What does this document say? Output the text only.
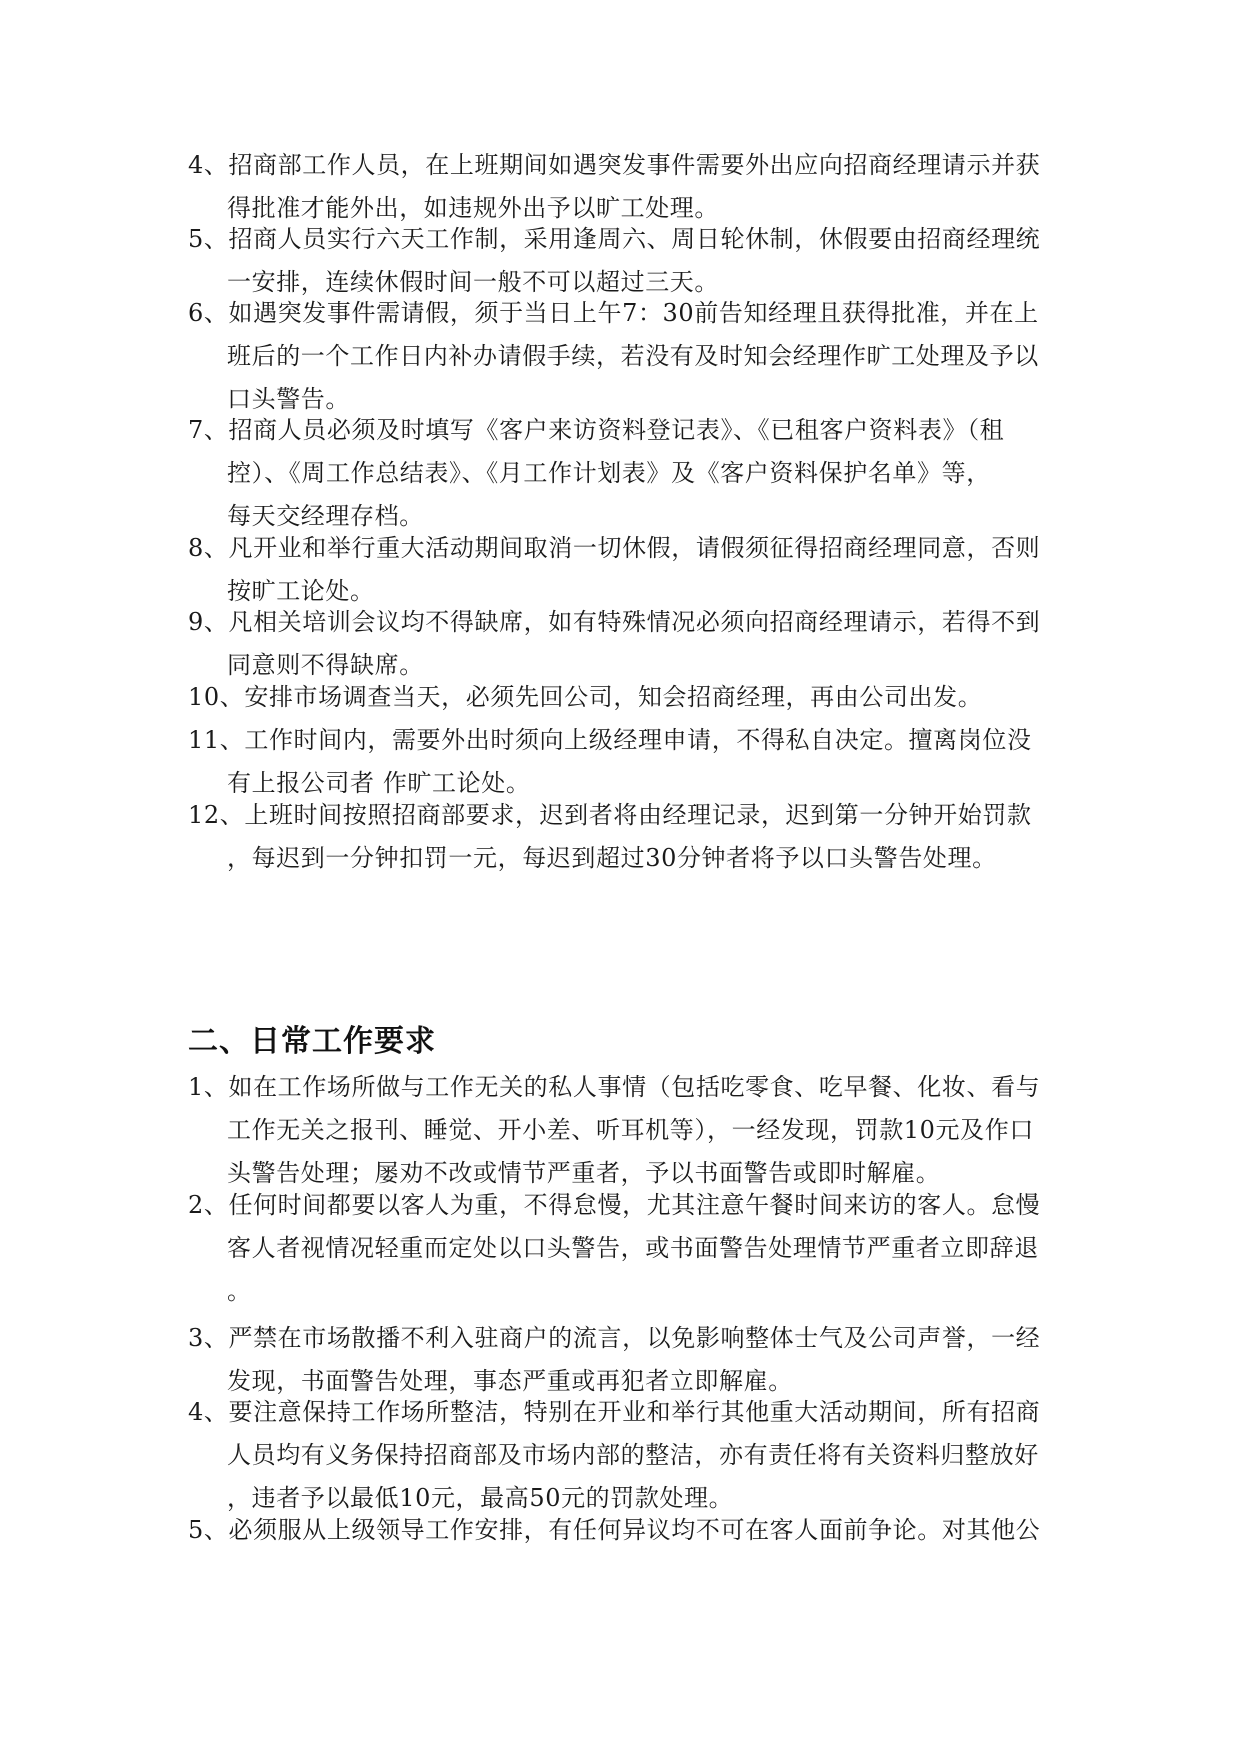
4、招商部工作人员，在上班期间如遇突发事件需要外出应向招商经理请示并获
得批准才能外出，如违规外出予以旷工处理。
5、招商人员实行六天工作制，采用逢周六、周日轮休制，休假要由招商经理统
一安排，连续休假时间一般不可以超过三天。
6、如遇突发事件需请假，须于当日上午7：30前告知经理且获得批准，并在上
班后的一个工作日内补办请假手续，若没有及时知会经理作旷工处理及予以
口头警告。
7、招商人员必须及时填写《客户来访资料登记表》、《已租客户资料表》（租
控）、《周工作总结表》、《月工作计划表》及《客户资料保护名单》等，
每天交经理存档。
8、凡开业和举行重大活动期间取消一切休假，请假须征得招商经理同意，否则
按旷工论处。
9、凡相关培训会议均不得缺席，如有特殊情况必须向招商经理请示，若得不到
同意则不得缺席。
10、安排市场调查当天，必须先回公司，知会招商经理，再由公司出发。
11、工作时间内，需要外出时须向上级经理申请，不得私自决定。擅离岗位没
有上报公司者 作旷工论处。
12、上班时间按照招商部要求，迟到者将由经理记录，迟到第一分钟开始罚款
，每迟到一分钟扣罚一元，每迟到超过30分钟者将予以口头警告处理。
二、日常工作要求
1、如在工作场所做与工作无关的私人事情（包括吃零食、吃早餐、化妆、看与
工作无关之报刊、睡觉、开小差、听耳机等），一经发现，罚款10元及作口
头警告处理；屡劝不改或情节严重者，予以书面警告或即时解雇。
2、任何时间都要以客人为重，不得怠慢，尤其注意午餐时间来访的客人。怠慢
客人者视情况轻重而定处以口头警告，或书面警告处理情节严重者立即辞退
。
3、严禁在市场散播不利入驻商户的流言，以免影响整体士气及公司声誉，一经
发现，书面警告处理，事态严重或再犯者立即解雇。
4、要注意保持工作场所整洁，特别在开业和举行其他重大活动期间，所有招商
人员均有义务保持招商部及市场内部的整洁，亦有责任将有关资料归整放好
，违者予以最低10元，最高50元的罚款处理。
5、必须服从上级领导工作安排，有任何异议均不可在客人面前争论。对其他公
